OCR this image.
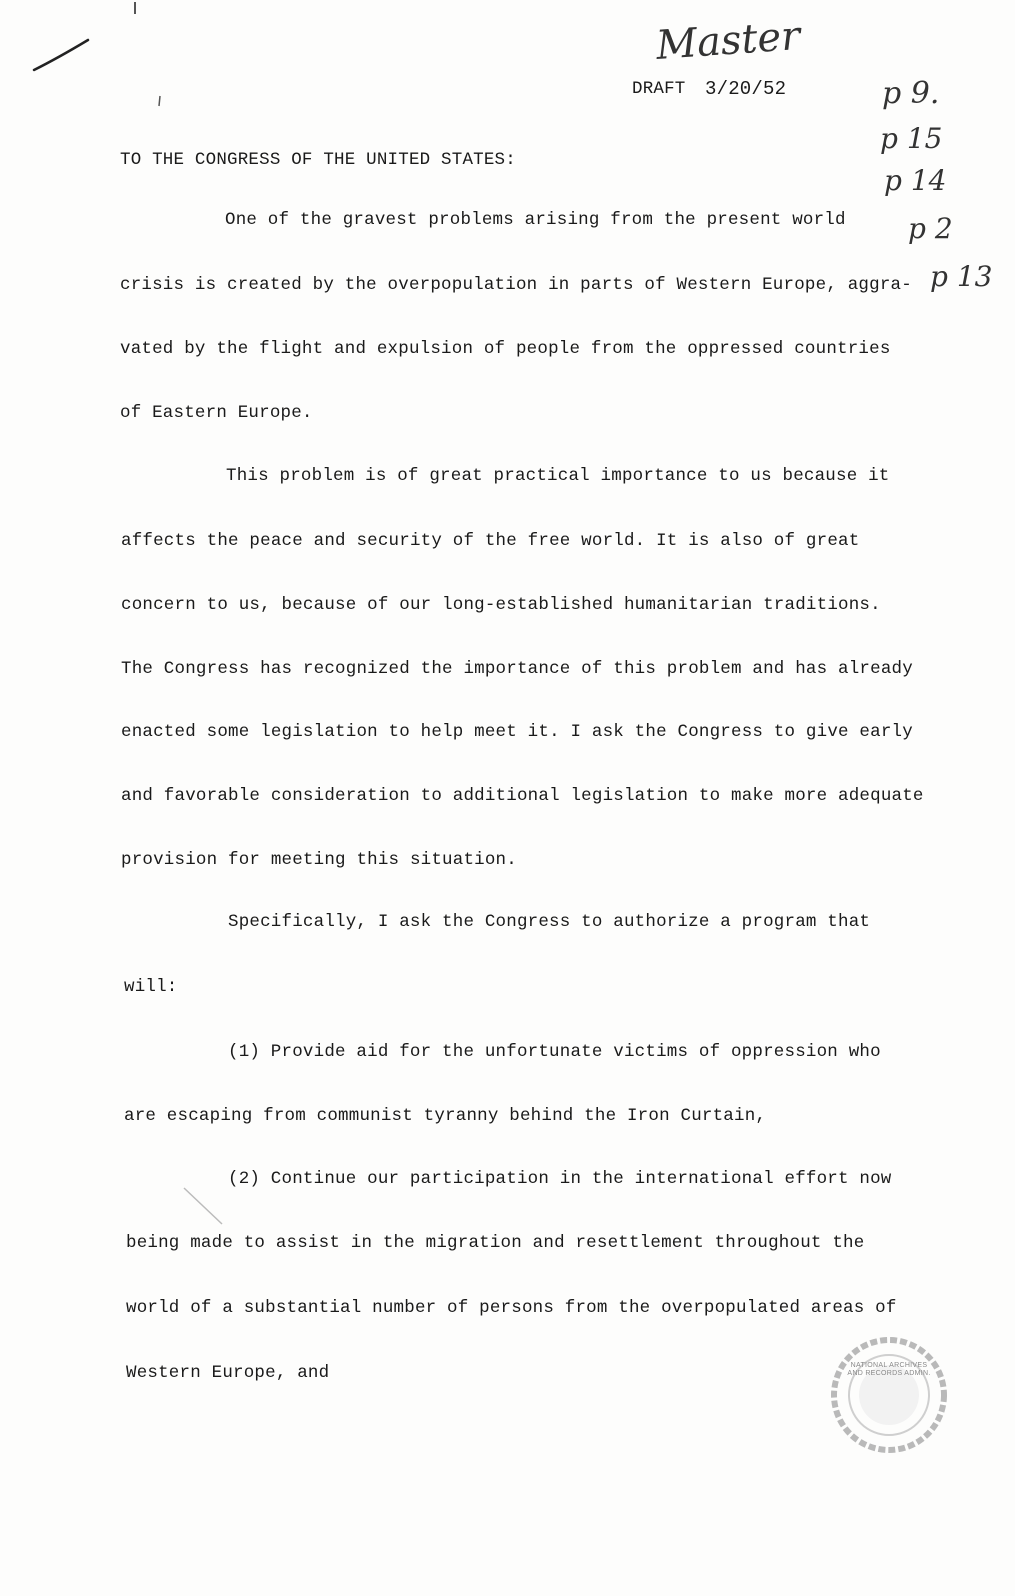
Master
DRAFT 3/20/52	p 9.
p 15
p 14
p 2
p 13
TO THE CONGRESS OF THE UNITED STATES:
One of the gravest problems arising from the present world
crisis is created by the overpopulation in parts of Western Europe, aggra-
vated by the flight and expulsion of people from the oppressed countries
of Eastern Europe.
This problem is of great practical importance to us because it
affects the peace and security of the free world. It is also of great
concern to us, because of our long-established humanitarian traditions.
The Congress has recognized the importance of this problem and has already
enacted some legislation to help meet it. I ask the Congress to give early
and favorable consideration to additional legislation to make more adequate
provision for meeting this situation.
Specifically, I ask the Congress to authorize a program that
will:
(1) Provide aid for the unfortunate victims of oppression who
are escaping from communist tyranny behind the Iron Curtain,
(2) Continue our participation in the international effort now
being made to assist in the migration and resettlement throughout the
world of a substantial number of persons from the overpopulated areas of
Western Europe, and	NATIONAL ARCHIVES AND RECORDS ADMIN.
